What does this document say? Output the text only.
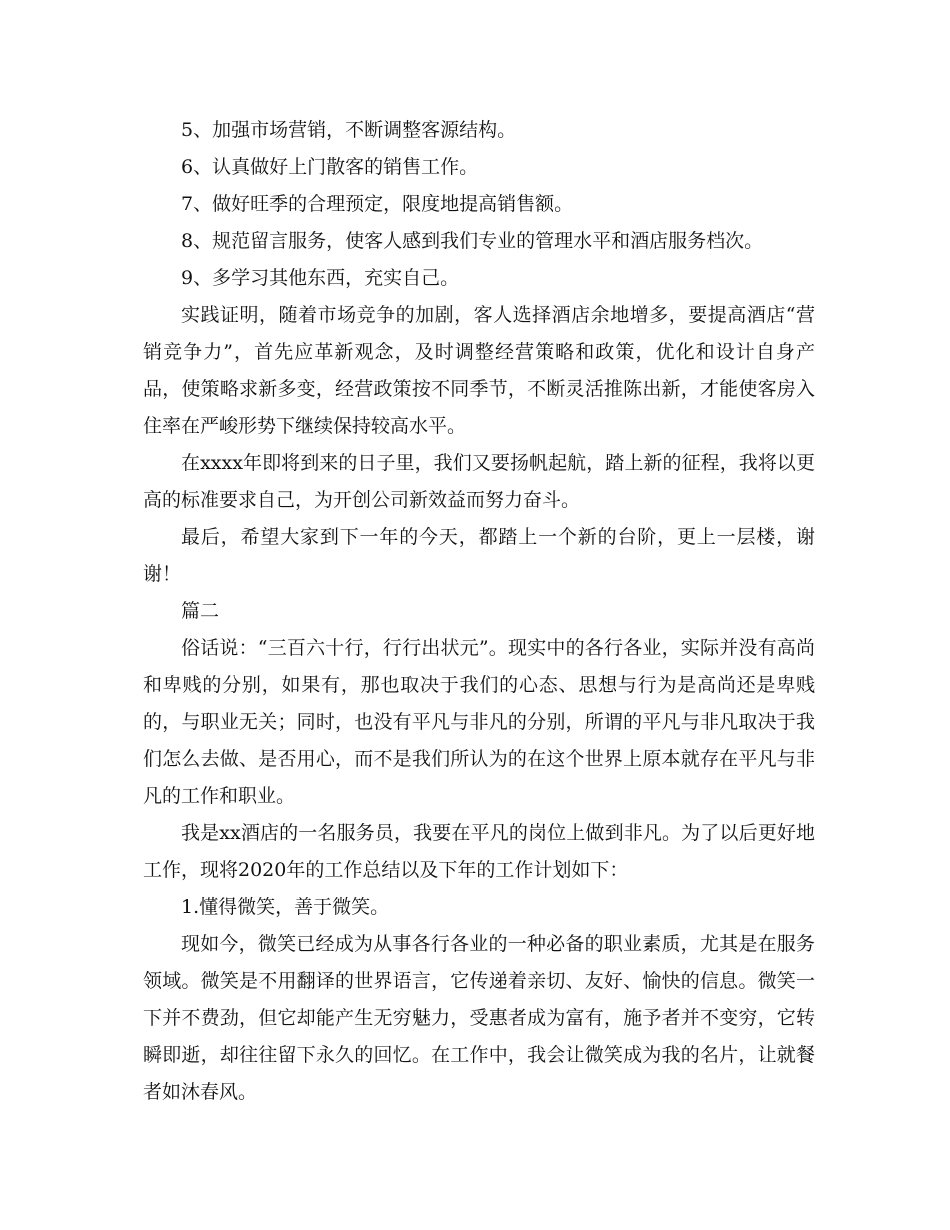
5、加强市场营销，不断调整客源结构。

6、认真做好上门散客的销售工作。

7、做好旺季的合理预定，限度地提高销售额。

8、规范留言服务，使客人感到我们专业的管理水平和酒店服务档次。

9、多学习其他东西，充实自己。

实践证明，随着市场竞争的加剧，客人选择酒店余地增多，要提高酒店“营销竞争力”，首先应革新观念，及时调整经营策略和政策，优化和设计自身产品，使策略求新多变，经营政策按不同季节，不断灵活推陈出新，才能使客房入住率在严峻形势下继续保持较高水平。

在xxxx年即将到来的日子里，我们又要扬帆起航，踏上新的征程，我将以更高的标准要求自己，为开创公司新效益而努力奋斗。

最后，希望大家到下一年的今天，都踏上一个新的台阶，更上一层楼，谢谢！

篇二

俗话说：“三百六十行，行行出状元”。现实中的各行各业，实际并没有高尚和卑贱的分别，如果有，那也取决于我们的心态、思想与行为是高尚还是卑贱的，与职业无关；同时，也没有平凡与非凡的分别，所谓的平凡与非凡取决于我们怎么去做、是否用心，而不是我们所认为的在这个世界上原本就存在平凡与非凡的工作和职业。

我是xx酒店的一名服务员，我要在平凡的岗位上做到非凡。为了以后更好地工作，现将2020年的工作总结以及下年的工作计划如下：

1.懂得微笑，善于微笑。

现如今，微笑已经成为从事各行各业的一种必备的职业素质，尤其是在服务领域。微笑是不用翻译的世界语言，它传递着亲切、友好、愉快的信息。微笑一下并不费劲，但它却能产生无穷魅力，受惠者成为富有，施予者并不变穷，它转瞬即逝，却往往留下永久的回忆。在工作中，我会让微笑成为我的名片，让就餐者如沐春风。
